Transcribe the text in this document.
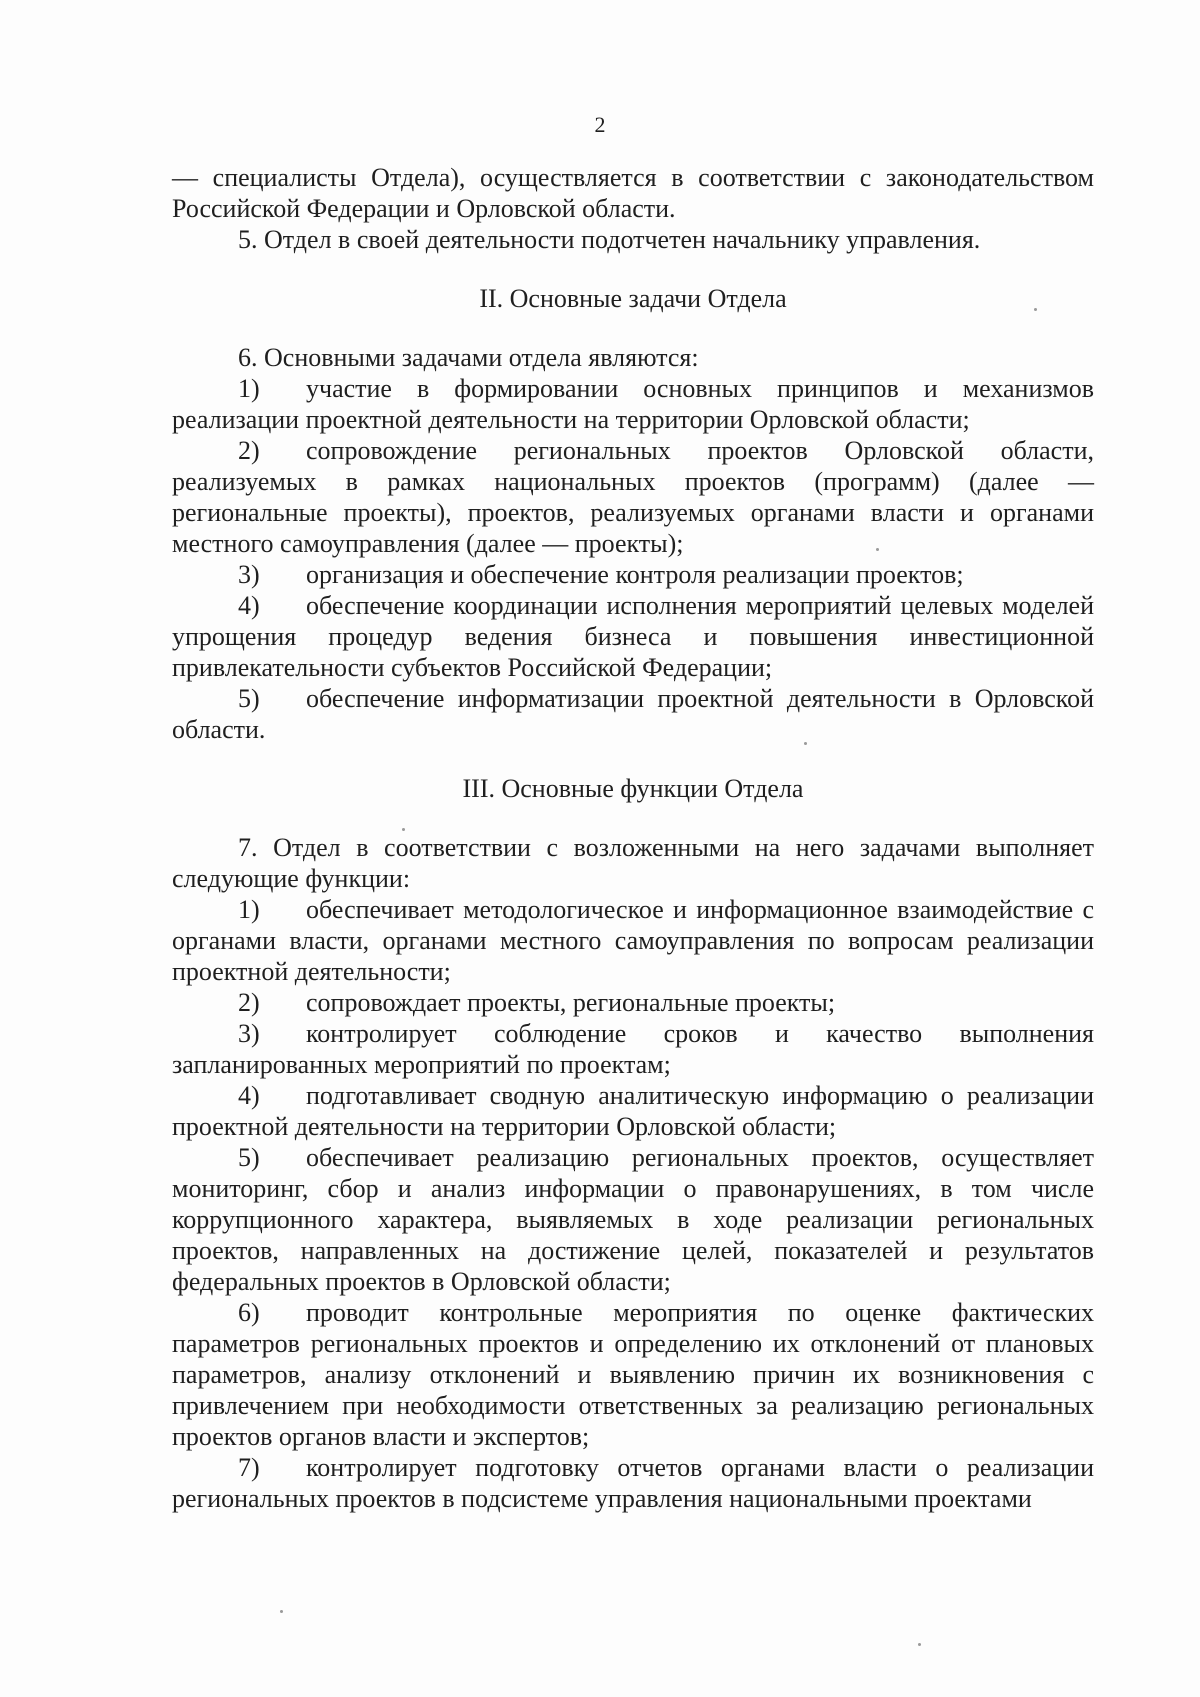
2

— специалисты Отдела), осуществляется в соответствии с законодательством Российской Федерации и Орловской области.

5. Отдел в своей деятельности подотчетен начальнику управления.

II. Основные задачи Отдела

6. Основными задачами отдела являются:

1) участие в формировании основных принципов и механизмов реализации проектной деятельности на территории Орловской области;

2) сопровождение региональных проектов Орловской области, реализуемых в рамках национальных проектов (программ) (далее — региональные проекты), проектов, реализуемых органами власти и органами местного самоуправления (далее — проекты);

3) организация и обеспечение контроля реализации проектов;

4) обеспечение координации исполнения мероприятий целевых моделей упрощения процедур ведения бизнеса и повышения инвестиционной привлекательности субъектов Российской Федерации;

5) обеспечение информатизации проектной деятельности в Орловской области.

III. Основные функции Отдела

7. Отдел в соответствии с возложенными на него задачами выполняет следующие функции:

1) обеспечивает методологическое и информационное взаимодействие с органами власти, органами местного самоуправления по вопросам реализации проектной деятельности;

2) сопровождает проекты, региональные проекты;

3) контролирует соблюдение сроков и качество выполнения запланированных мероприятий по проектам;

4) подготавливает сводную аналитическую информацию о реализации проектной деятельности на территории Орловской области;

5) обеспечивает реализацию региональных проектов, осуществляет мониторинг, сбор и анализ информации о правонарушениях, в том числе коррупционного характера, выявляемых в ходе реализации региональных проектов, направленных на достижение целей, показателей и результатов федеральных проектов в Орловской области;

6) проводит контрольные мероприятия по оценке фактических параметров региональных проектов и определению их отклонений от плановых параметров, анализу отклонений и выявлению причин их возникновения с привлечением при необходимости ответственных за реализацию региональных проектов органов власти и экспертов;

7) контролирует подготовку отчетов органами власти о реализации региональных проектов в подсистеме управления национальными проектами
